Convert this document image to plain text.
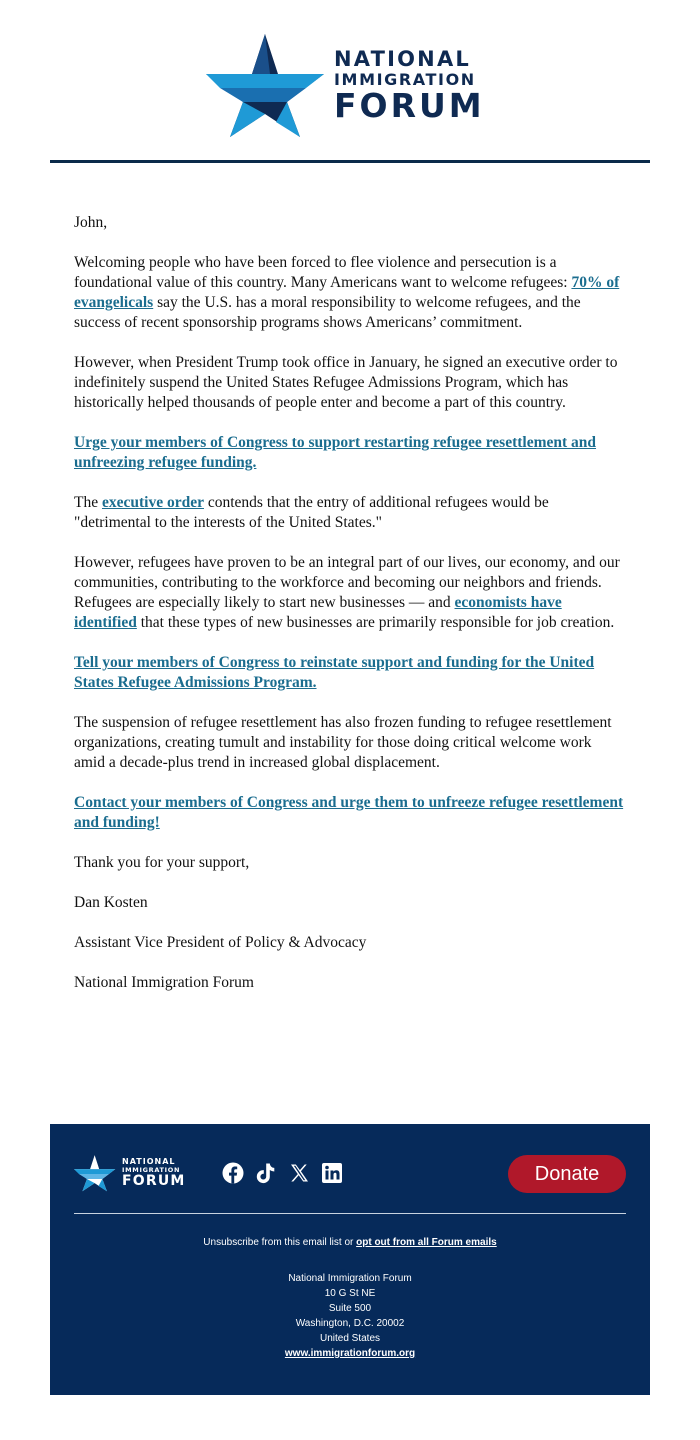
NATIONAL
IMMIGRATION
FORUM

John,

Welcoming people who have been forced to flee violence and persecution is a foundational value of this country. Many Americans want to welcome refugees: 70% of evangelicals say the U.S. has a moral responsibility to welcome refugees, and the success of recent sponsorship programs shows Americans’ commitment.

However, when President Trump took office in January, he signed an executive order to indefinitely suspend the United States Refugee Admissions Program, which has historically helped thousands of people enter and become a part of this country.

Urge your members of Congress to support restarting refugee resettlement and unfreezing refugee funding.

The executive order contends that the entry of additional refugees would be "detrimental to the interests of the United States."

However, refugees have proven to be an integral part of our lives, our economy, and our communities, contributing to the workforce and becoming our neighbors and friends. Refugees are especially likely to start new businesses — and economists have identified that these types of new businesses are primarily responsible for job creation.

Tell your members of Congress to reinstate support and funding for the United States Refugee Admissions Program.

The suspension of refugee resettlement has also frozen funding to refugee resettlement organizations, creating tumult and instability for those doing critical welcome work amid a decade-plus trend in increased global displacement.

Contact your members of Congress and urge them to unfreeze refugee resettlement and funding!

Thank you for your support,

Dan Kosten

Assistant Vice President of Policy & Advocacy

National Immigration Forum

NATIONAL
IMMIGRATION
FORUM	Donate
Unsubscribe from this email list or opt out from all Forum emails
National Immigration Forum
10 G St NE
Suite 500
Washington, D.C. 20002
United States
www.immigrationforum.org
